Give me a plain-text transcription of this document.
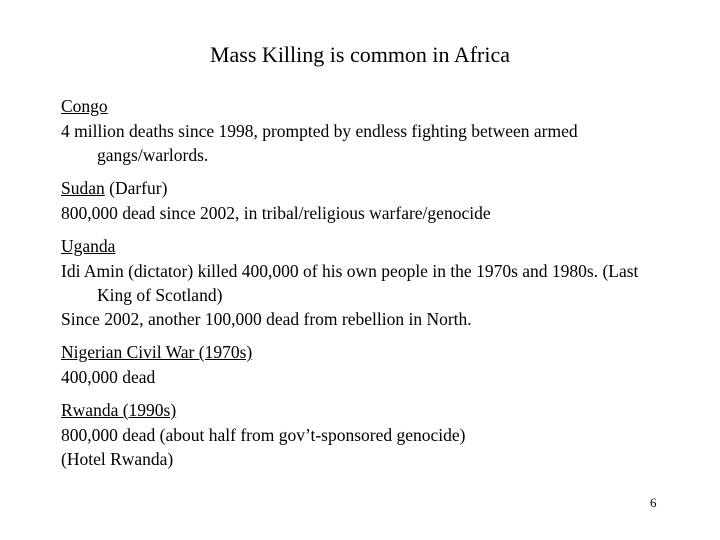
Mass Killing is common in Africa
Congo
4 million deaths since 1998, prompted by endless fighting between armed gangs/warlords.
Sudan (Darfur)
800,000 dead since 2002, in tribal/religious warfare/genocide
Uganda
Idi Amin (dictator) killed 400,000 of his own people in the 1970s and 1980s. (Last King of Scotland)
Since 2002, another 100,000 dead from rebellion in North.
Nigerian Civil War (1970s)
400,000 dead
Rwanda (1990s)
800,000 dead (about half from gov’t-sponsored genocide)
(Hotel Rwanda)
6
